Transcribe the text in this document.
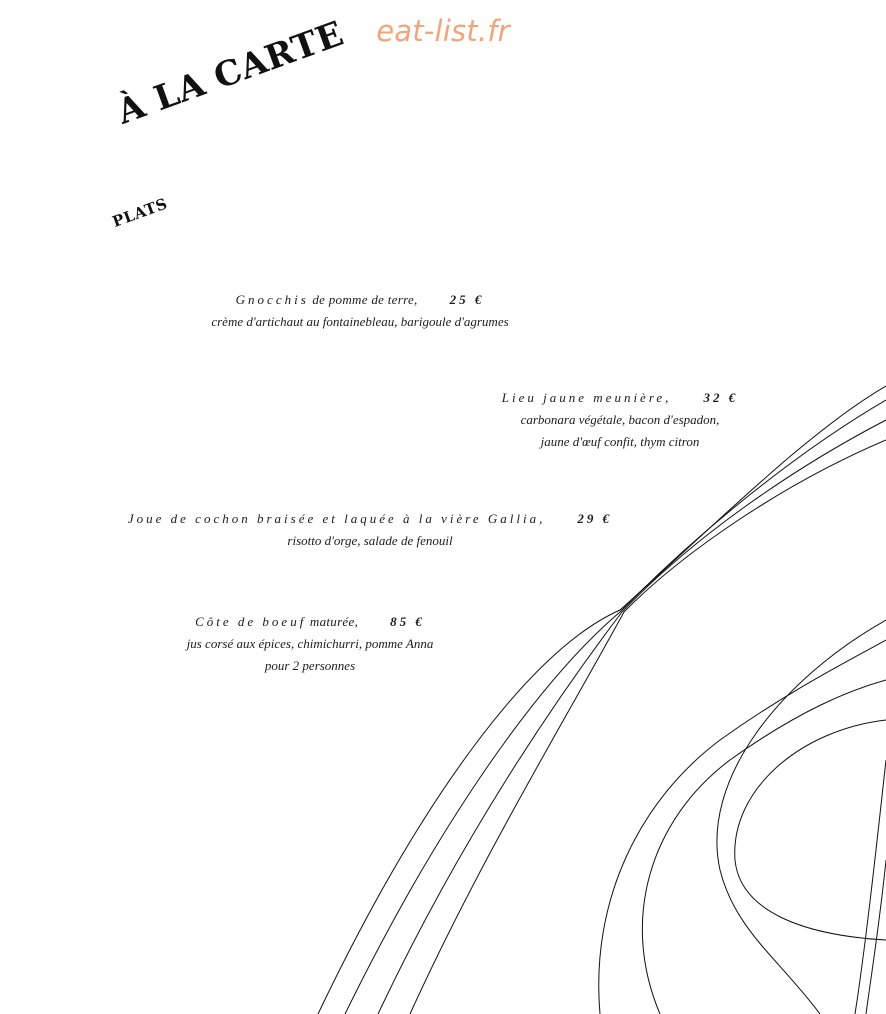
eat-list.fr
À LA CARTE
PLATS
Gnocchis de pomme de terre, 25 €
crème d'artichaut au fontainebleau, barigoule d'agrumes
Lieu jaune meunière, 32 €
carbonara végétale, bacon d'espadon,
jaune d'œuf confit, thym citron
Joue de cochon braisée et laquée à la vière Gallia, 29 €
risotto d'orge, salade de fenouil
Côte de boeuf maturée, 85 €
jus corsé aux épices, chimichurri, pomme Anna
pour 2 personnes
